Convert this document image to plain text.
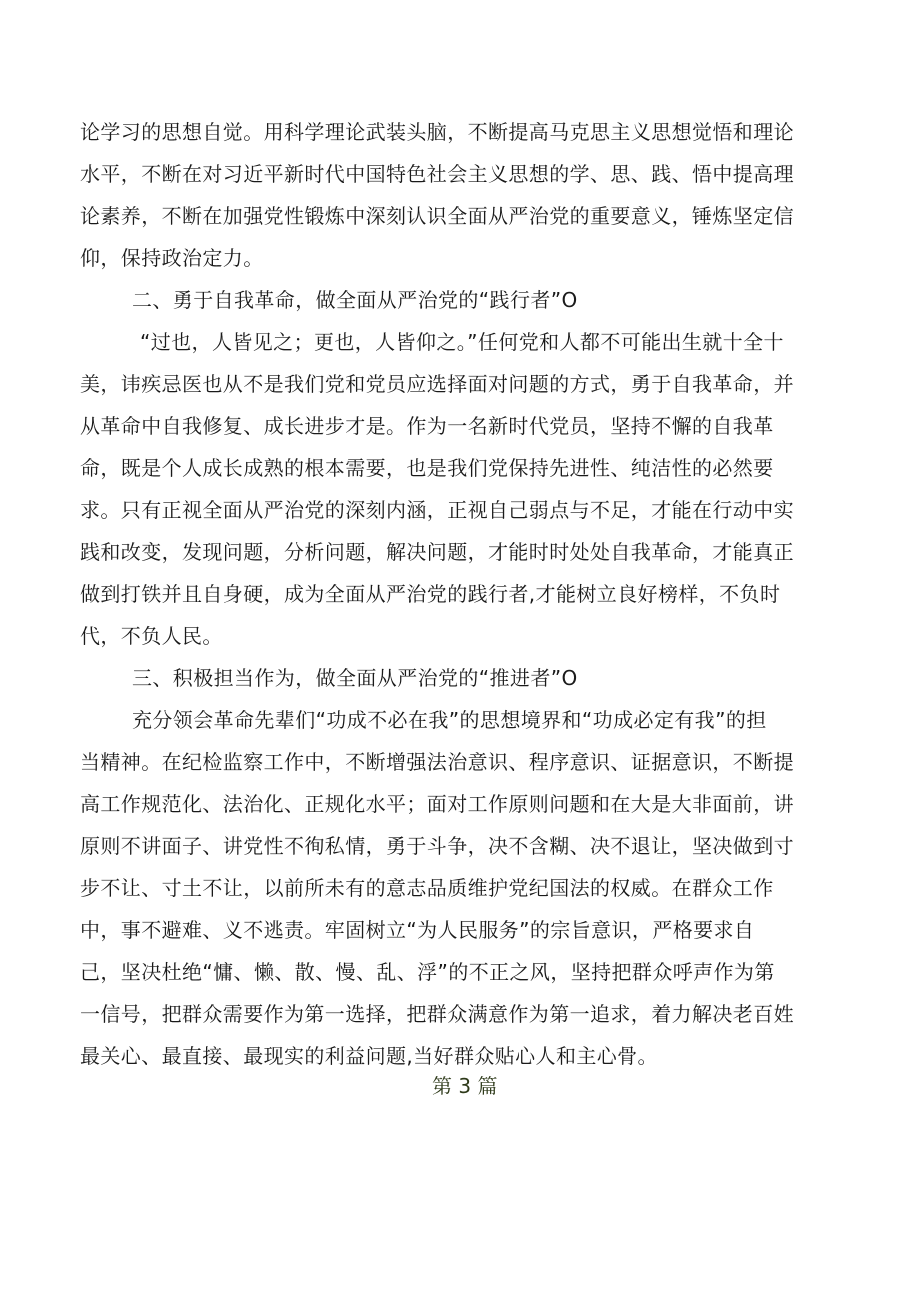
论学习的思想自觉。用科学理论武装头脑，不断提高马克思主义思想觉悟和理论
水平，不断在对习近平新时代中国特色社会主义思想的学、思、践、悟中提高理
论素养，不断在加强党性锻炼中深刻认识全面从严治党的重要意义，锤炼坚定信
仰，保持政治定力。
二、勇于自我革命，做全面从严治党的“践行者”O
“过也，人皆见之；更也，人皆仰之。”任何党和人都不可能出生就十全十
美，讳疾忌医也从不是我们党和党员应选择面对问题的方式，勇于自我革命，并
从革命中自我修复、成长进步才是。作为一名新时代党员，坚持不懈的自我革
命，既是个人成长成熟的根本需要，也是我们党保持先进性、纯洁性的必然要
求。只有正视全面从严治党的深刻内涵，正视自己弱点与不足，才能在行动中实
践和改变，发现问题，分析问题，解决问题，才能时时处处自我革命，才能真正
做到打铁并且自身硬，成为全面从严治党的践行者,才能树立良好榜样，不负时
代，不负人民。
三、积极担当作为，做全面从严治党的“推进者”O
充分领会革命先辈们“功成不必在我”的思想境界和“功成必定有我”的担
当精神。在纪检监察工作中，不断增强法治意识、程序意识、证据意识，不断提
高工作规范化、法治化、正规化水平；面对工作原则问题和在大是大非面前，讲
原则不讲面子、讲党性不徇私情，勇于斗争，决不含糊、决不退让，坚决做到寸
步不让、寸土不让，以前所未有的意志品质维护党纪国法的权威。在群众工作
中，事不避难、义不逃责。牢固树立“为人民服务”的宗旨意识，严格要求自
己，坚决杜绝“慵、懒、散、慢、乱、浮”的不正之风，坚持把群众呼声作为第
一信号，把群众需要作为第一选择，把群众满意作为第一追求，着力解决老百姓
最关心、最直接、最现实的利益问题,当好群众贴心人和主心骨。
第 3 篇
